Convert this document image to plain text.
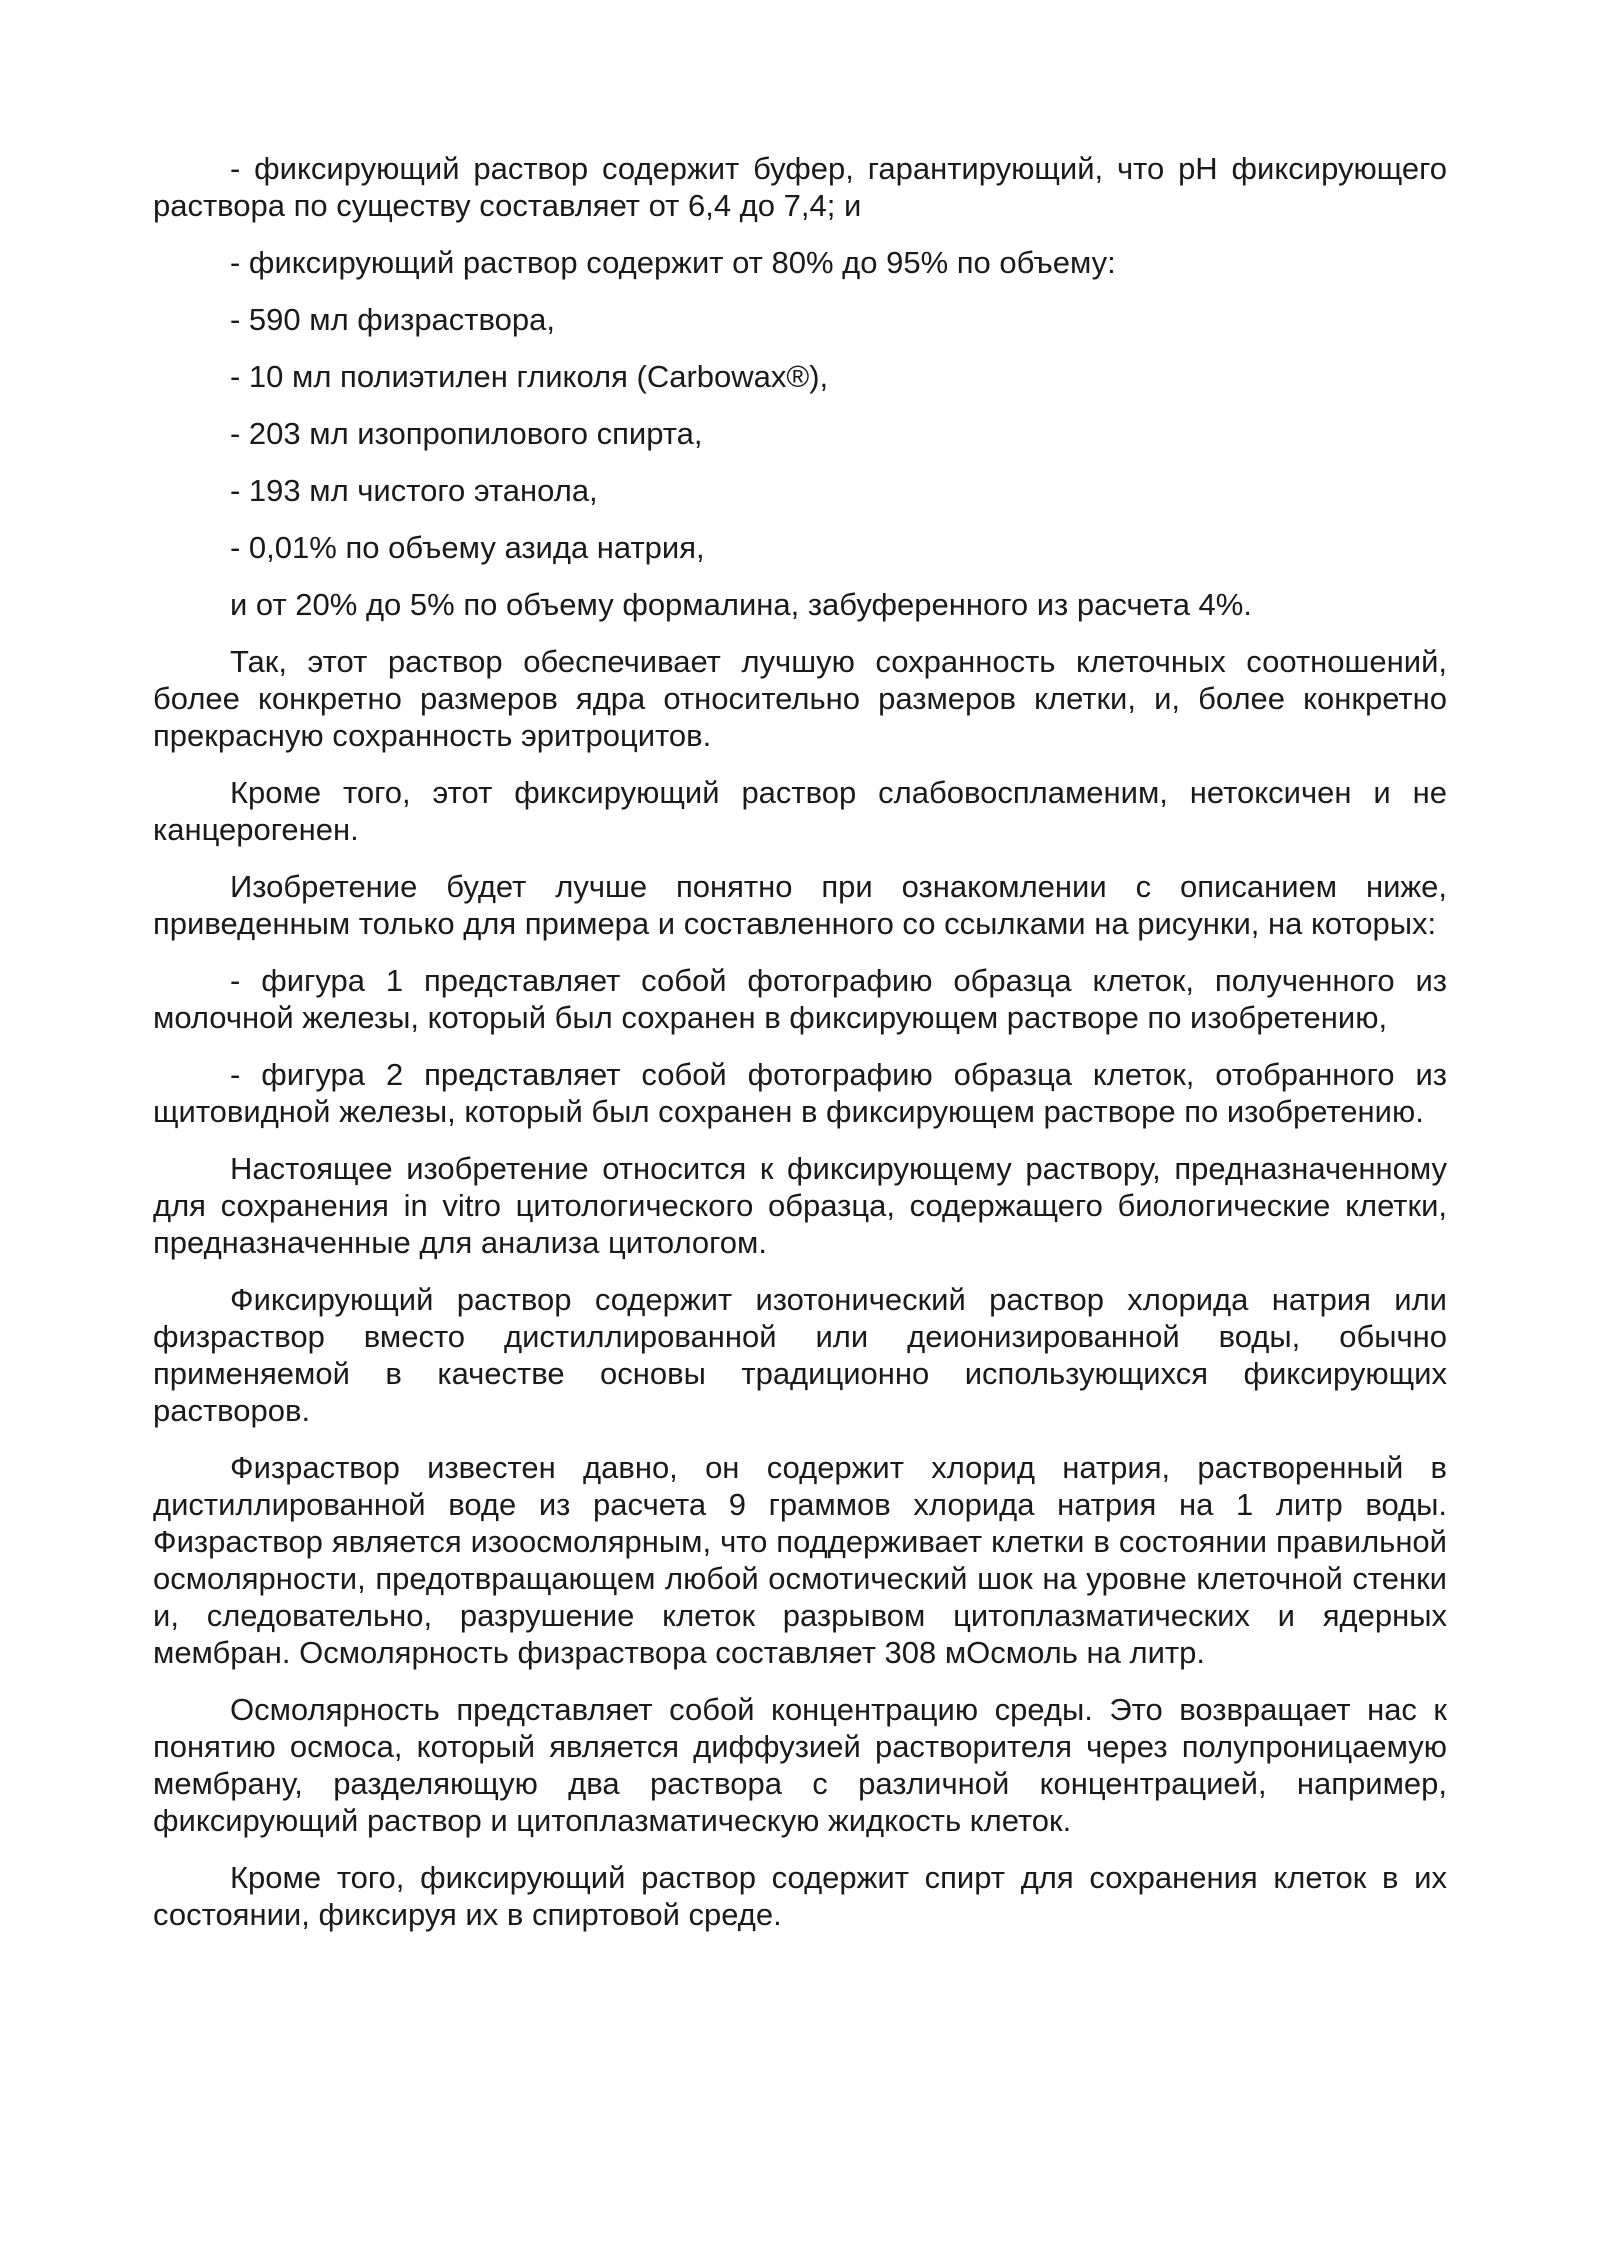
- фиксирующий раствор содержит буфер, гарантирующий, что pH фиксирующего раствора по существу составляет от 6,4 до 7,4; и

- фиксирующий раствор содержит от 80% до 95% по объему:

- 590 мл физраствора,

- 10 мл полиэтилен гликоля (Carbowax®),

- 203 мл изопропилового спирта,

- 193 мл чистого этанола,

- 0,01% по объему азида натрия,

и от 20% до 5% по объему формалина, забуференного из расчета 4%.

Так, этот раствор обеспечивает лучшую сохранность клеточных соотношений, более конкретно размеров ядра относительно размеров клетки, и, более конкретно прекрасную сохранность эритроцитов.

Кроме того, этот фиксирующий раствор слабовоспламеним, нетоксичен и не канцерогенен.

Изобретение будет лучше понятно при ознакомлении с описанием ниже, приведенным только для примера и составленного со ссылками на рисунки, на которых:

- фигура 1 представляет собой фотографию образца клеток, полученного из молочной железы, который был сохранен в фиксирующем растворе по изобретению,

- фигура 2 представляет собой фотографию образца клеток, отобранного из щитовидной железы, который был сохранен в фиксирующем растворе по изобретению.

Настоящее изобретение относится к фиксирующему раствору, предназначенному для сохранения in vitro цитологического образца, содержащего биологические клетки, предназначенные для анализа цитологом.

Фиксирующий раствор содержит изотонический раствор хлорида натрия или физраствор вместо дистиллированной или деионизированной воды, обычно применяемой в качестве основы традиционно использующихся фиксирующих растворов.

Физраствор известен давно, он содержит хлорид натрия, растворенный в дистиллированной воде из расчета 9 граммов хлорида натрия на 1 литр воды. Физраствор является изоосмолярным, что поддерживает клетки в состоянии правильной осмолярности, предотвращающем любой осмотический шок на уровне клеточной стенки и, следовательно, разрушение клеток разрывом цитоплазматических и ядерных мембран. Осмолярность физраствора составляет 308 мОсмоль на литр.

Осмолярность представляет собой концентрацию среды. Это возвращает нас к понятию осмоса, который является диффузией растворителя через полупроницаемую мембрану, разделяющую два раствора с различной концентрацией, например, фиксирующий раствор и цитоплазматическую жидкость клеток.

Кроме того, фиксирующий раствор содержит спирт для сохранения клеток в их состоянии, фиксируя их в спиртовой среде.
